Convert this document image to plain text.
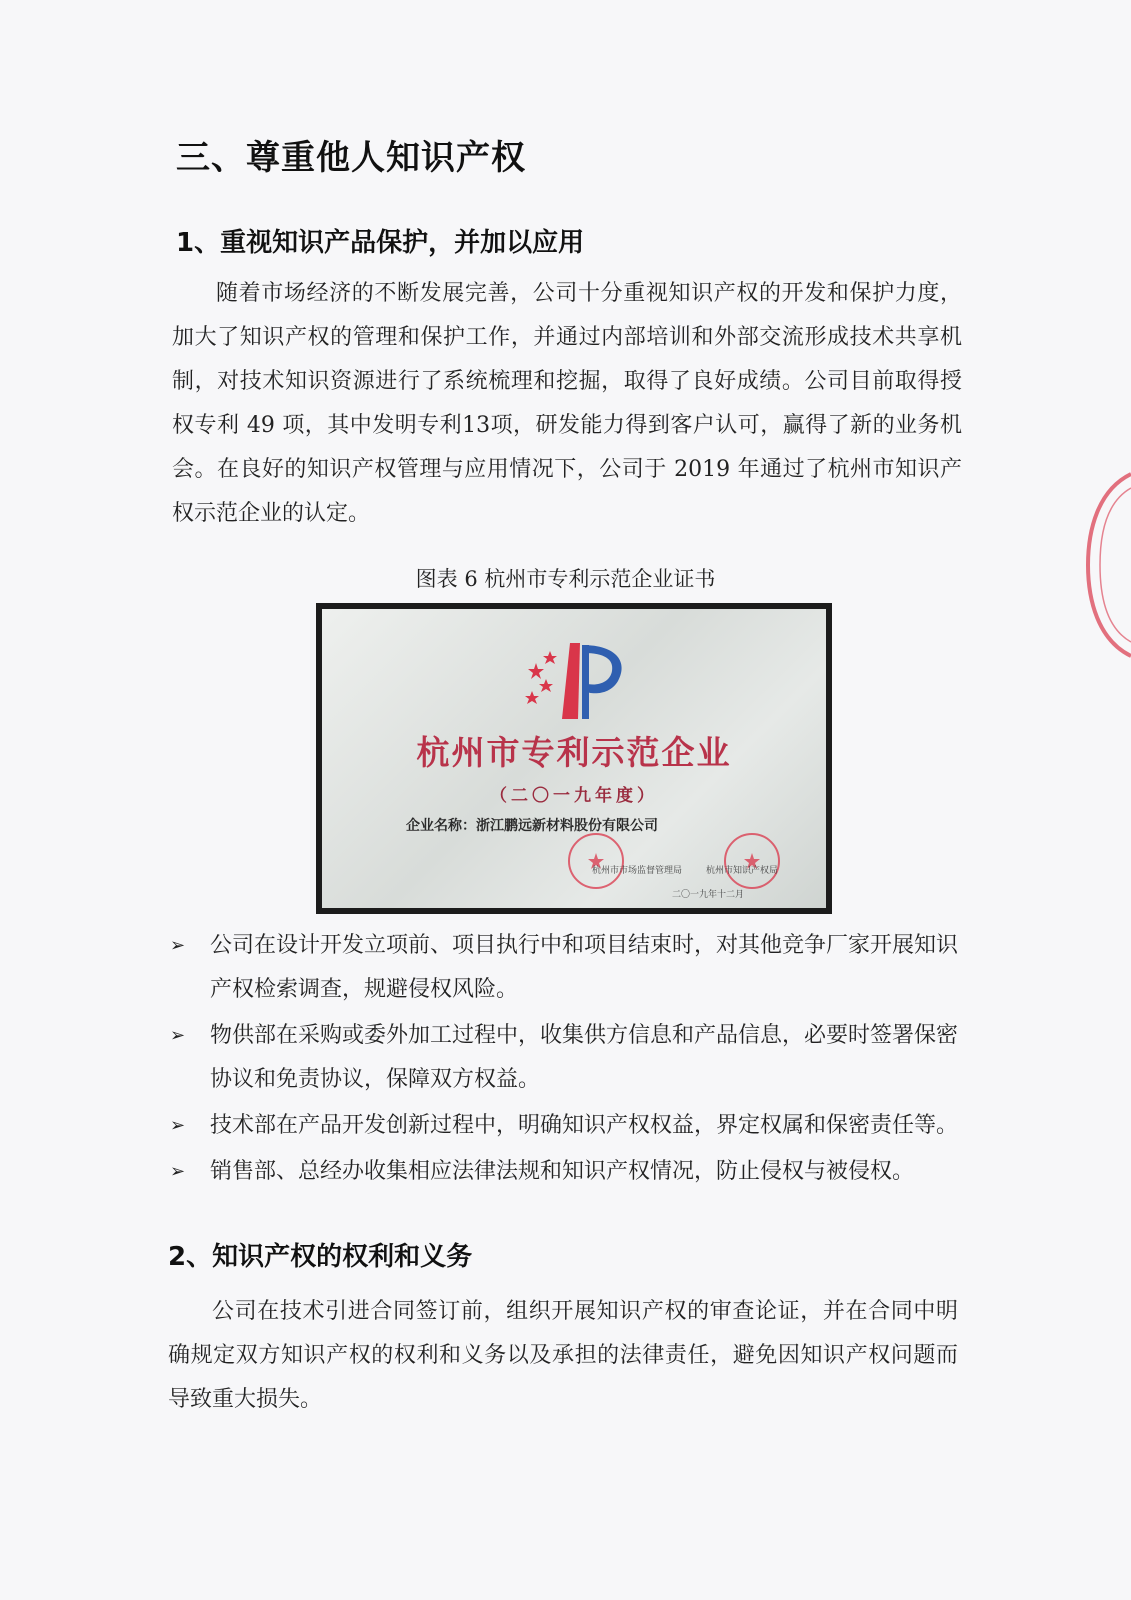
三、尊重他人知识产权
1、重视知识产品保护，并加以应用
随着市场经济的不断发展完善，公司十分重视知识产权的开发和保护力度，加大了知识产权的管理和保护工作，并通过内部培训和外部交流形成技术共享机制，对技术知识资源进行了系统梳理和挖掘，取得了良好成绩。公司目前取得授权专利 49 项，其中发明专利13项，研发能力得到客户认可，赢得了新的业务机会。在良好的知识产权管理与应用情况下，公司于 2019 年通过了杭州市知识产权示范企业的认定。
图表 6 杭州市专利示范企业证书
杭州市专利示范企业
（二〇一九年度）
企业名称：浙江鹏远新材料股份有限公司
杭州市市场监督管理局	杭州市知识产权局
二〇一九年十二月
➢ 公司在设计开发立项前、项目执行中和项目结束时，对其他竞争厂家开展知识产权检索调查，规避侵权风险。
➢ 物供部在采购或委外加工过程中，收集供方信息和产品信息，必要时签署保密协议和免责协议，保障双方权益。
➢ 技术部在产品开发创新过程中，明确知识产权权益，界定权属和保密责任等。
➢ 销售部、总经办收集相应法律法规和知识产权情况，防止侵权与被侵权。
2、知识产权的权利和义务
公司在技术引进合同签订前，组织开展知识产权的审查论证，并在合同中明确规定双方知识产权的权利和义务以及承担的法律责任，避免因知识产权问题而导致重大损失。
